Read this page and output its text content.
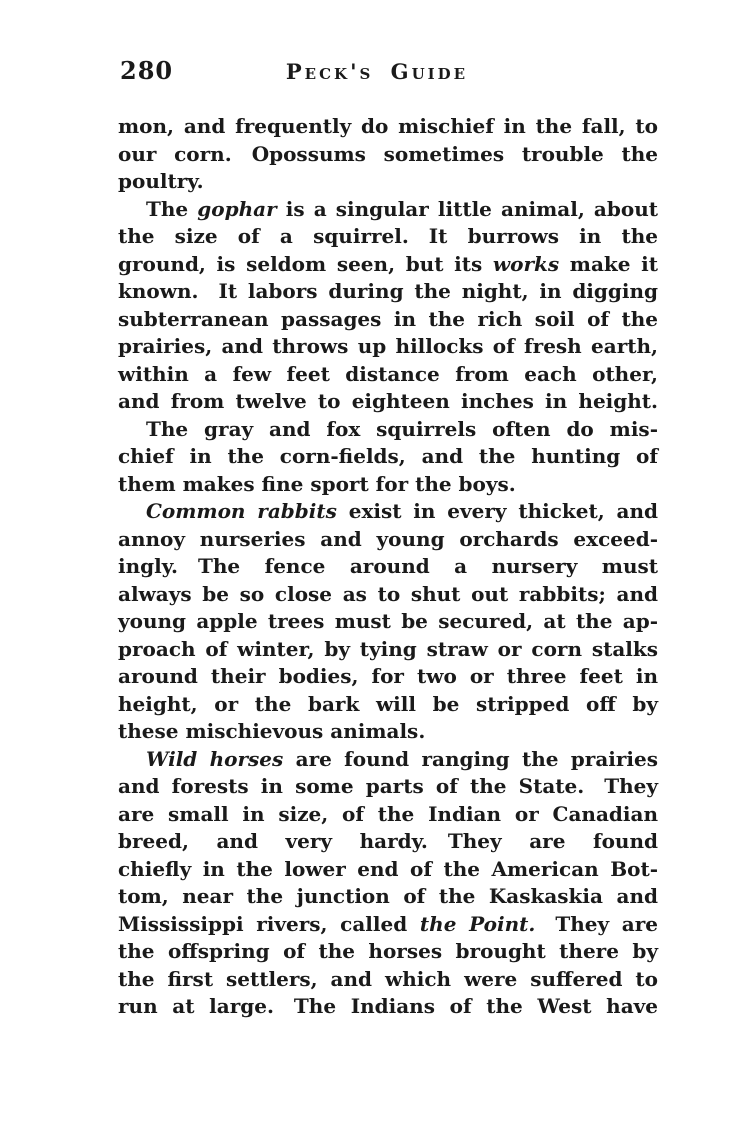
280	Peck's Guide
mon, and frequently do mischief in the fall, to
our corn. Opossums sometimes trouble the
poultry.
The gophar is a singular little animal, about
the size of a squirrel. It burrows in the
ground, is seldom seen, but its works make it
known. It labors during the night, in digging
subterranean passages in the rich soil of the
prairies, and throws up hillocks of fresh earth,
within a few feet distance from each other,
and from twelve to eighteen inches in height.
The gray and fox squirrels often do mis-
chief in the corn-fields, and the hunting of
them makes fine sport for the boys.
Common rabbits exist in every thicket, and
annoy nurseries and young orchards exceed-
ingly. The fence around a nursery must
always be so close as to shut out rabbits; and
young apple trees must be secured, at the ap-
proach of winter, by tying straw or corn stalks
around their bodies, for two or three feet in
height, or the bark will be stripped off by
these mischievous animals.
Wild horses are found ranging the prairies
and forests in some parts of the State. They
are small in size, of the Indian or Canadian
breed, and very hardy. They are found
chiefly in the lower end of the American Bot-
tom, near the junction of the Kaskaskia and
Mississippi rivers, called the Point. They are
the offspring of the horses brought there by
the first settlers, and which were suffered to
run at large. The Indians of the West have
